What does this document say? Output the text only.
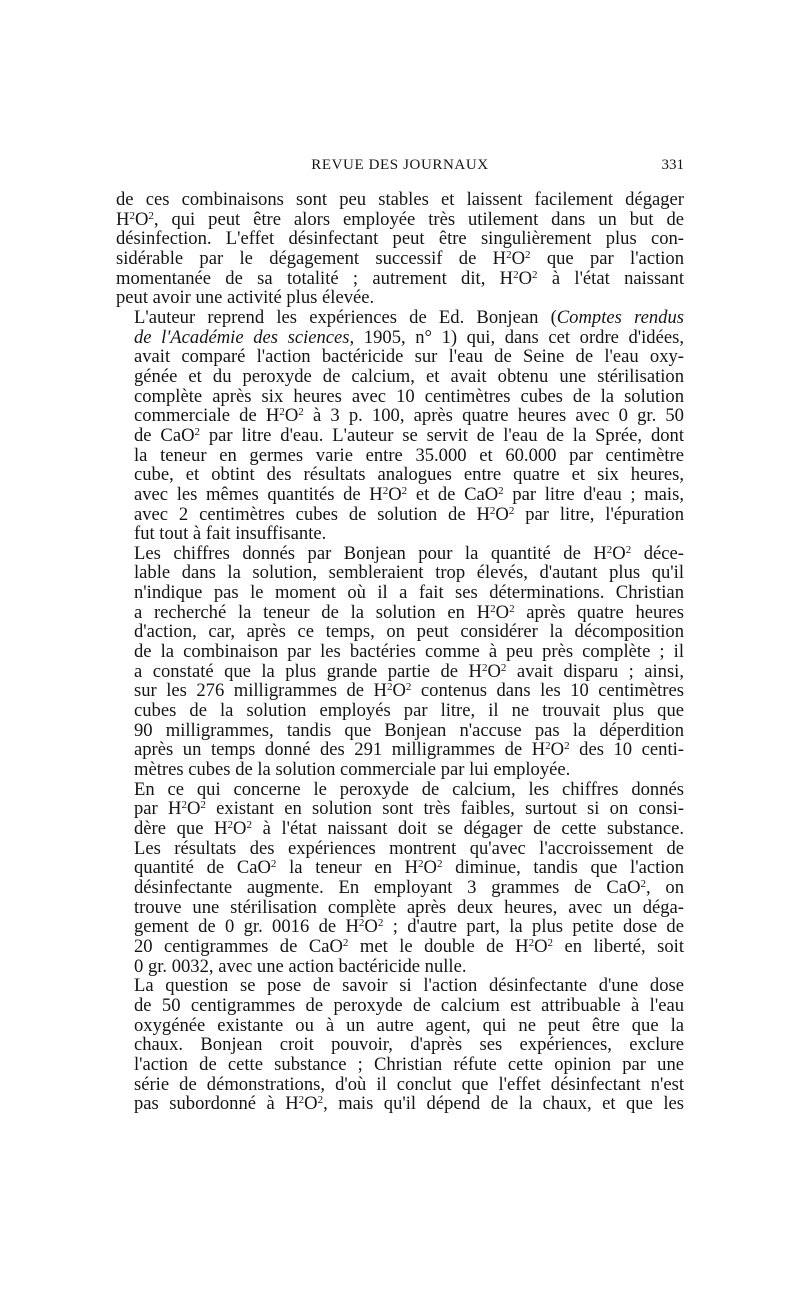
REVUE DES JOURNAUX	331

de ces combinaisons sont peu stables et laissent facilement dégager
$H^2O^2$, qui peut être alors employée très utilement dans un but de
désinfection. L'effet désinfectant peut être singulièrement plus con-
sidérable par le dégagement successif de $H^2O^2$ que par l'action
momentanée de sa totalité ; autrement dit, $H^2O^2$ à l'état naissant
peut avoir une activité plus élevée.

L'auteur reprend les expériences de Ed. Bonjean (Comptes rendus
de l'Académie des sciences, 1905, n° 1) qui, dans cet ordre d'idées,
avait comparé l'action bactéricide sur l'eau de Seine de l'eau oxy-
génée et du peroxyde de calcium, et avait obtenu une stérilisation
complète après six heures avec 10 centimètres cubes de la solution
commerciale de $H^2O^2$ à 3 p. 100, après quatre heures avec 0 gr. 50
de CaO$^2$ par litre d'eau. L'auteur se servit de l'eau de la Sprée, dont
la teneur en germes varie entre 35.000 et 60.000 par centimètre
cube, et obtint des résultats analogues entre quatre et six heures,
avec les mêmes quantités de $H^2O^2$ et de CaO$^2$ par litre d'eau ; mais,
avec 2 centimètres cubes de solution de $H^2O^2$ par litre, l'épuration
fut tout à fait insuffisante.

Les chiffres donnés par Bonjean pour la quantité de $H^2O^2$ déce-
lable dans la solution, sembleraient trop élevés, d'autant plus qu'il
n'indique pas le moment où il a fait ses déterminations. Christian
a recherché la teneur de la solution en $H^2O^2$ après quatre heures
d'action, car, après ce temps, on peut considérer la décomposition
de la combinaison par les bactéries comme à peu près complète ; il
a constaté que la plus grande partie de $H^2O^2$ avait disparu ; ainsi,
sur les 276 milligrammes de $H^2O^2$ contenus dans les 10 centimètres
cubes de la solution employés par litre, il ne trouvait plus que
90 milligrammes, tandis que Bonjean n'accuse pas la déperdition
après un temps donné des 291 milligrammes de $H^2O^2$ des 10 centi-
mètres cubes de la solution commerciale par lui employée.

En ce qui concerne le peroxyde de calcium, les chiffres donnés
par $H^2O^2$ existant en solution sont très faibles, surtout si on consi-
dère que $H^2O^2$ à l'état naissant doit se dégager de cette substance.
Les résultats des expériences montrent qu'avec l'accroissement de
quantité de CaO$^2$ la teneur en $H^2O^2$ diminue, tandis que l'action
désinfectante augmente. En employant 3 grammes de CaO$^2$, on
trouve une stérilisation complète après deux heures, avec un déga-
gement de 0 gr. 0016 de $H^2O^2$ ; d'autre part, la plus petite dose de
20 centigrammes de CaO$^2$ met le double de $H^2O^2$ en liberté, soit
0 gr. 0032, avec une action bactéricide nulle.

La question se pose de savoir si l'action désinfectante d'une dose
de 50 centigrammes de peroxyde de calcium est attribuable à l'eau
oxygénée existante ou à un autre agent, qui ne peut être que la
chaux. Bonjean croit pouvoir, d'après ses expériences, exclure
l'action de cette substance ; Christian réfute cette opinion par une
série de démonstrations, d'où il conclut que l'effet désinfectant n'est
pas subordonné à $H^2O^2$, mais qu'il dépend de la chaux, et que les
